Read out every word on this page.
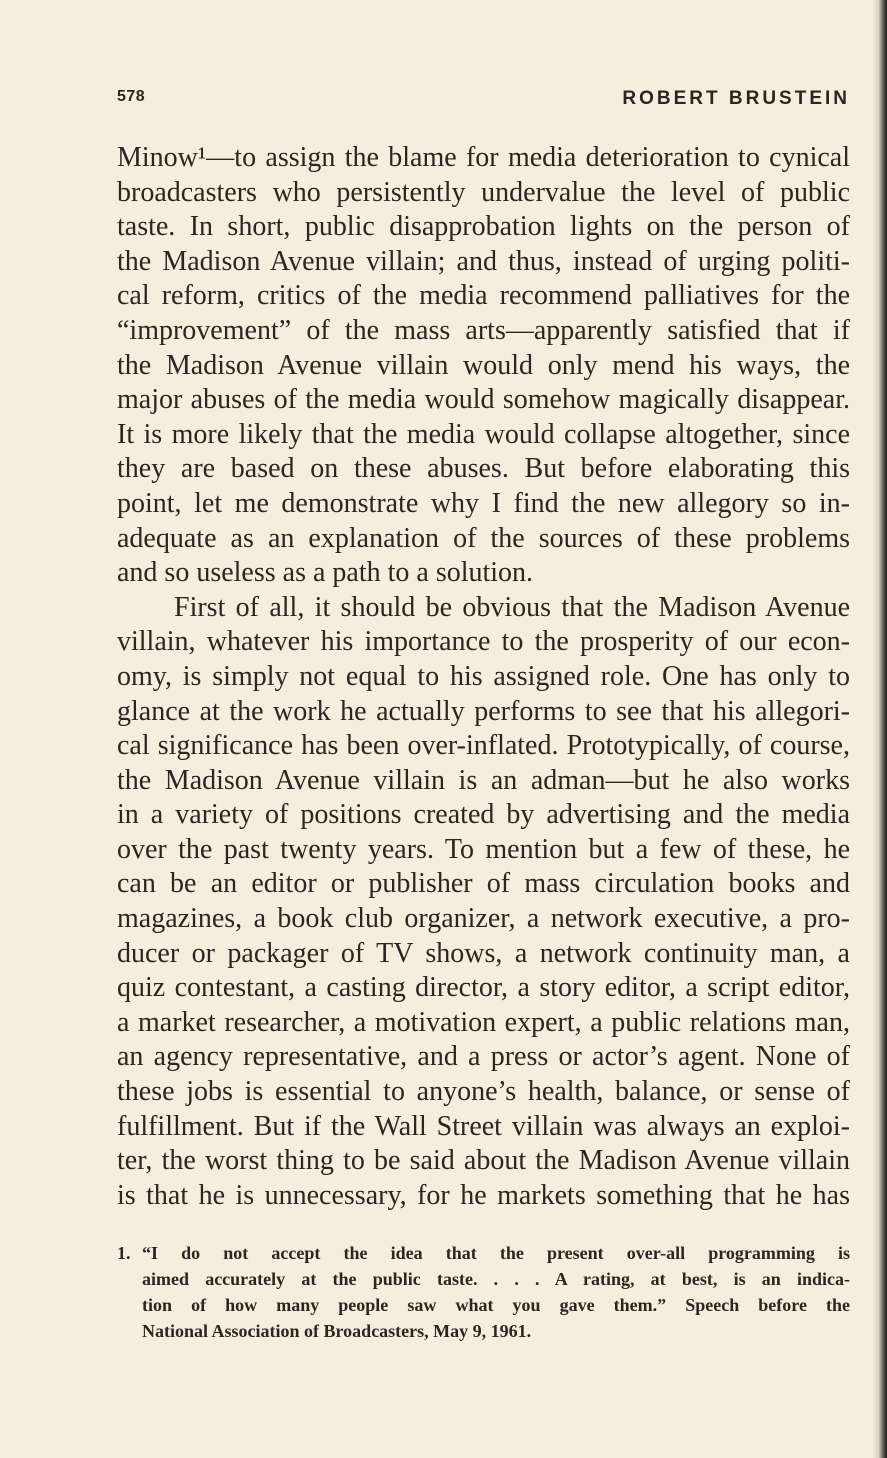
578	ROBERT BRUSTEIN
Minow¹—to assign the blame for media deterioration to cynical
broadcasters who persistently undervalue the level of public
taste. In short, public disapprobation lights on the person of
the Madison Avenue villain; and thus, instead of urging politi-
cal reform, critics of the media recommend palliatives for the
“improvement” of the mass arts—apparently satisfied that if
the Madison Avenue villain would only mend his ways, the
major abuses of the media would somehow magically disappear.
It is more likely that the media would collapse altogether, since
they are based on these abuses. But before elaborating this
point, let me demonstrate why I find the new allegory so in-
adequate as an explanation of the sources of these problems
and so useless as a path to a solution.
First of all, it should be obvious that the Madison Avenue
villain, whatever his importance to the prosperity of our econ-
omy, is simply not equal to his assigned role. One has only to
glance at the work he actually performs to see that his allegori-
cal significance has been over-inflated. Prototypically, of course,
the Madison Avenue villain is an adman—but he also works
in a variety of positions created by advertising and the media
over the past twenty years. To mention but a few of these, he
can be an editor or publisher of mass circulation books and
magazines, a book club organizer, a network executive, a pro-
ducer or packager of TV shows, a network continuity man, a
quiz contestant, a casting director, a story editor, a script editor,
a market researcher, a motivation expert, a public relations man,
an agency representative, and a press or actor’s agent. None of
these jobs is essential to anyone’s health, balance, or sense of
fulfillment. But if the Wall Street villain was always an exploi-
ter, the worst thing to be said about the Madison Avenue villain
is that he is unnecessary, for he markets something that he has
1. “I do not accept the idea that the present over-all programming is
aimed accurately at the public taste. . . . A rating, at best, is an indica-
tion of how many people saw what you gave them.” Speech before the
National Association of Broadcasters, May 9, 1961.
